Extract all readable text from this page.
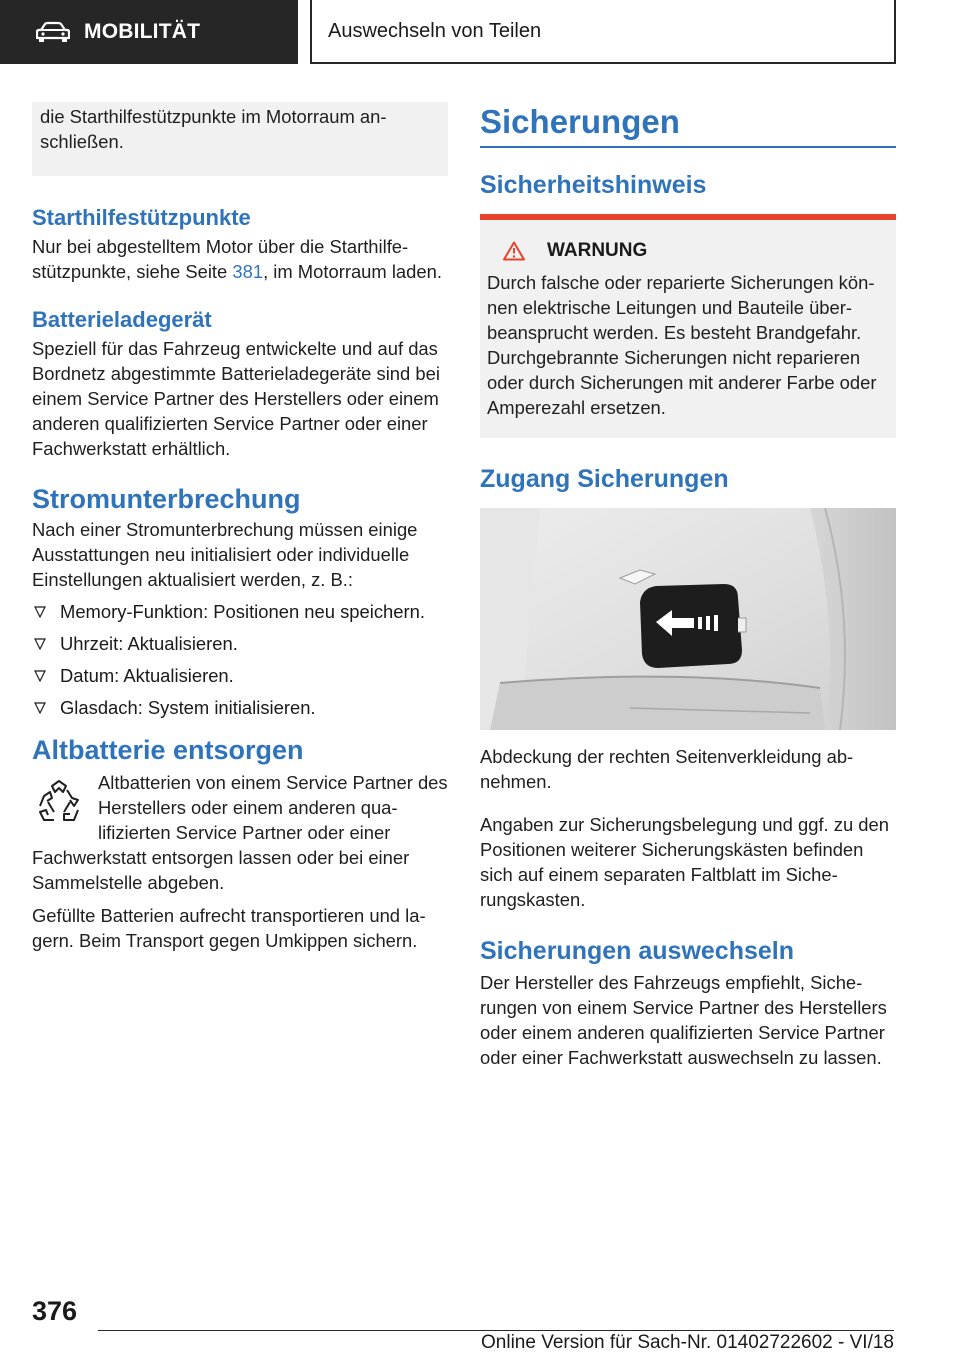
MOBILITÄT	Auswechseln von Teilen

die Starthilfestützpunkte im Motorraum anschließen.

Starthilfestützpunkte

Nur bei abgestelltem Motor über die Starthilfestützpunkte, siehe Seite 381, im Motorraum laden.

Batterieladegerät

Speziell für das Fahrzeug entwickelte und auf das Bordnetz abgestimmte Batterieladegeräte sind bei einem Service Partner des Herstellers oder einem anderen qualifizierten Service Partner oder einer Fachwerkstatt erhältlich.

Stromunterbrechung

Nach einer Stromunterbrechung müssen einige Ausstattungen neu initialisiert oder individuelle Einstellungen aktualisiert werden, z. B.:

Memory-Funktion: Positionen neu speichern.
Uhrzeit: Aktualisieren.
Datum: Aktualisieren.
Glasdach: System initialisieren.
Altbatterie entsorgen

Altbatterien von einem Service Partner des Herstellers oder einem anderen qualifizierten Service Partner oder einer Fachwerkstatt entsorgen lassen oder bei einer Sammelstelle abgeben.

Gefüllte Batterien aufrecht transportieren und lagern. Beim Transport gegen Umkippen sichern.

Sicherungen
Sicherheitshinweis
WARNUNG

Durch falsche oder reparierte Sicherungen können elektrische Leitungen und Bauteile überbeansprucht werden. Es besteht Brandgefahr. Durchgebrannte Sicherungen nicht reparieren oder durch Sicherungen mit anderer Farbe oder Amperezahl ersetzen.

Zugang Sicherungen

Abdeckung der rechten Seitenverkleidung abnehmen.

Angaben zur Sicherungsbelegung und ggf. zu den Positionen weiterer Sicherungskästen befinden sich auf einem separaten Faltblatt im Sicherungskasten.

Sicherungen auswechseln

Der Hersteller des Fahrzeugs empfiehlt, Sicherungen von einem Service Partner des Herstellers oder einem anderen qualifizierten Service Partner oder einer Fachwerkstatt auswechseln zu lassen.

376
Online Version für Sach-Nr. 01402722602 - VI/18
